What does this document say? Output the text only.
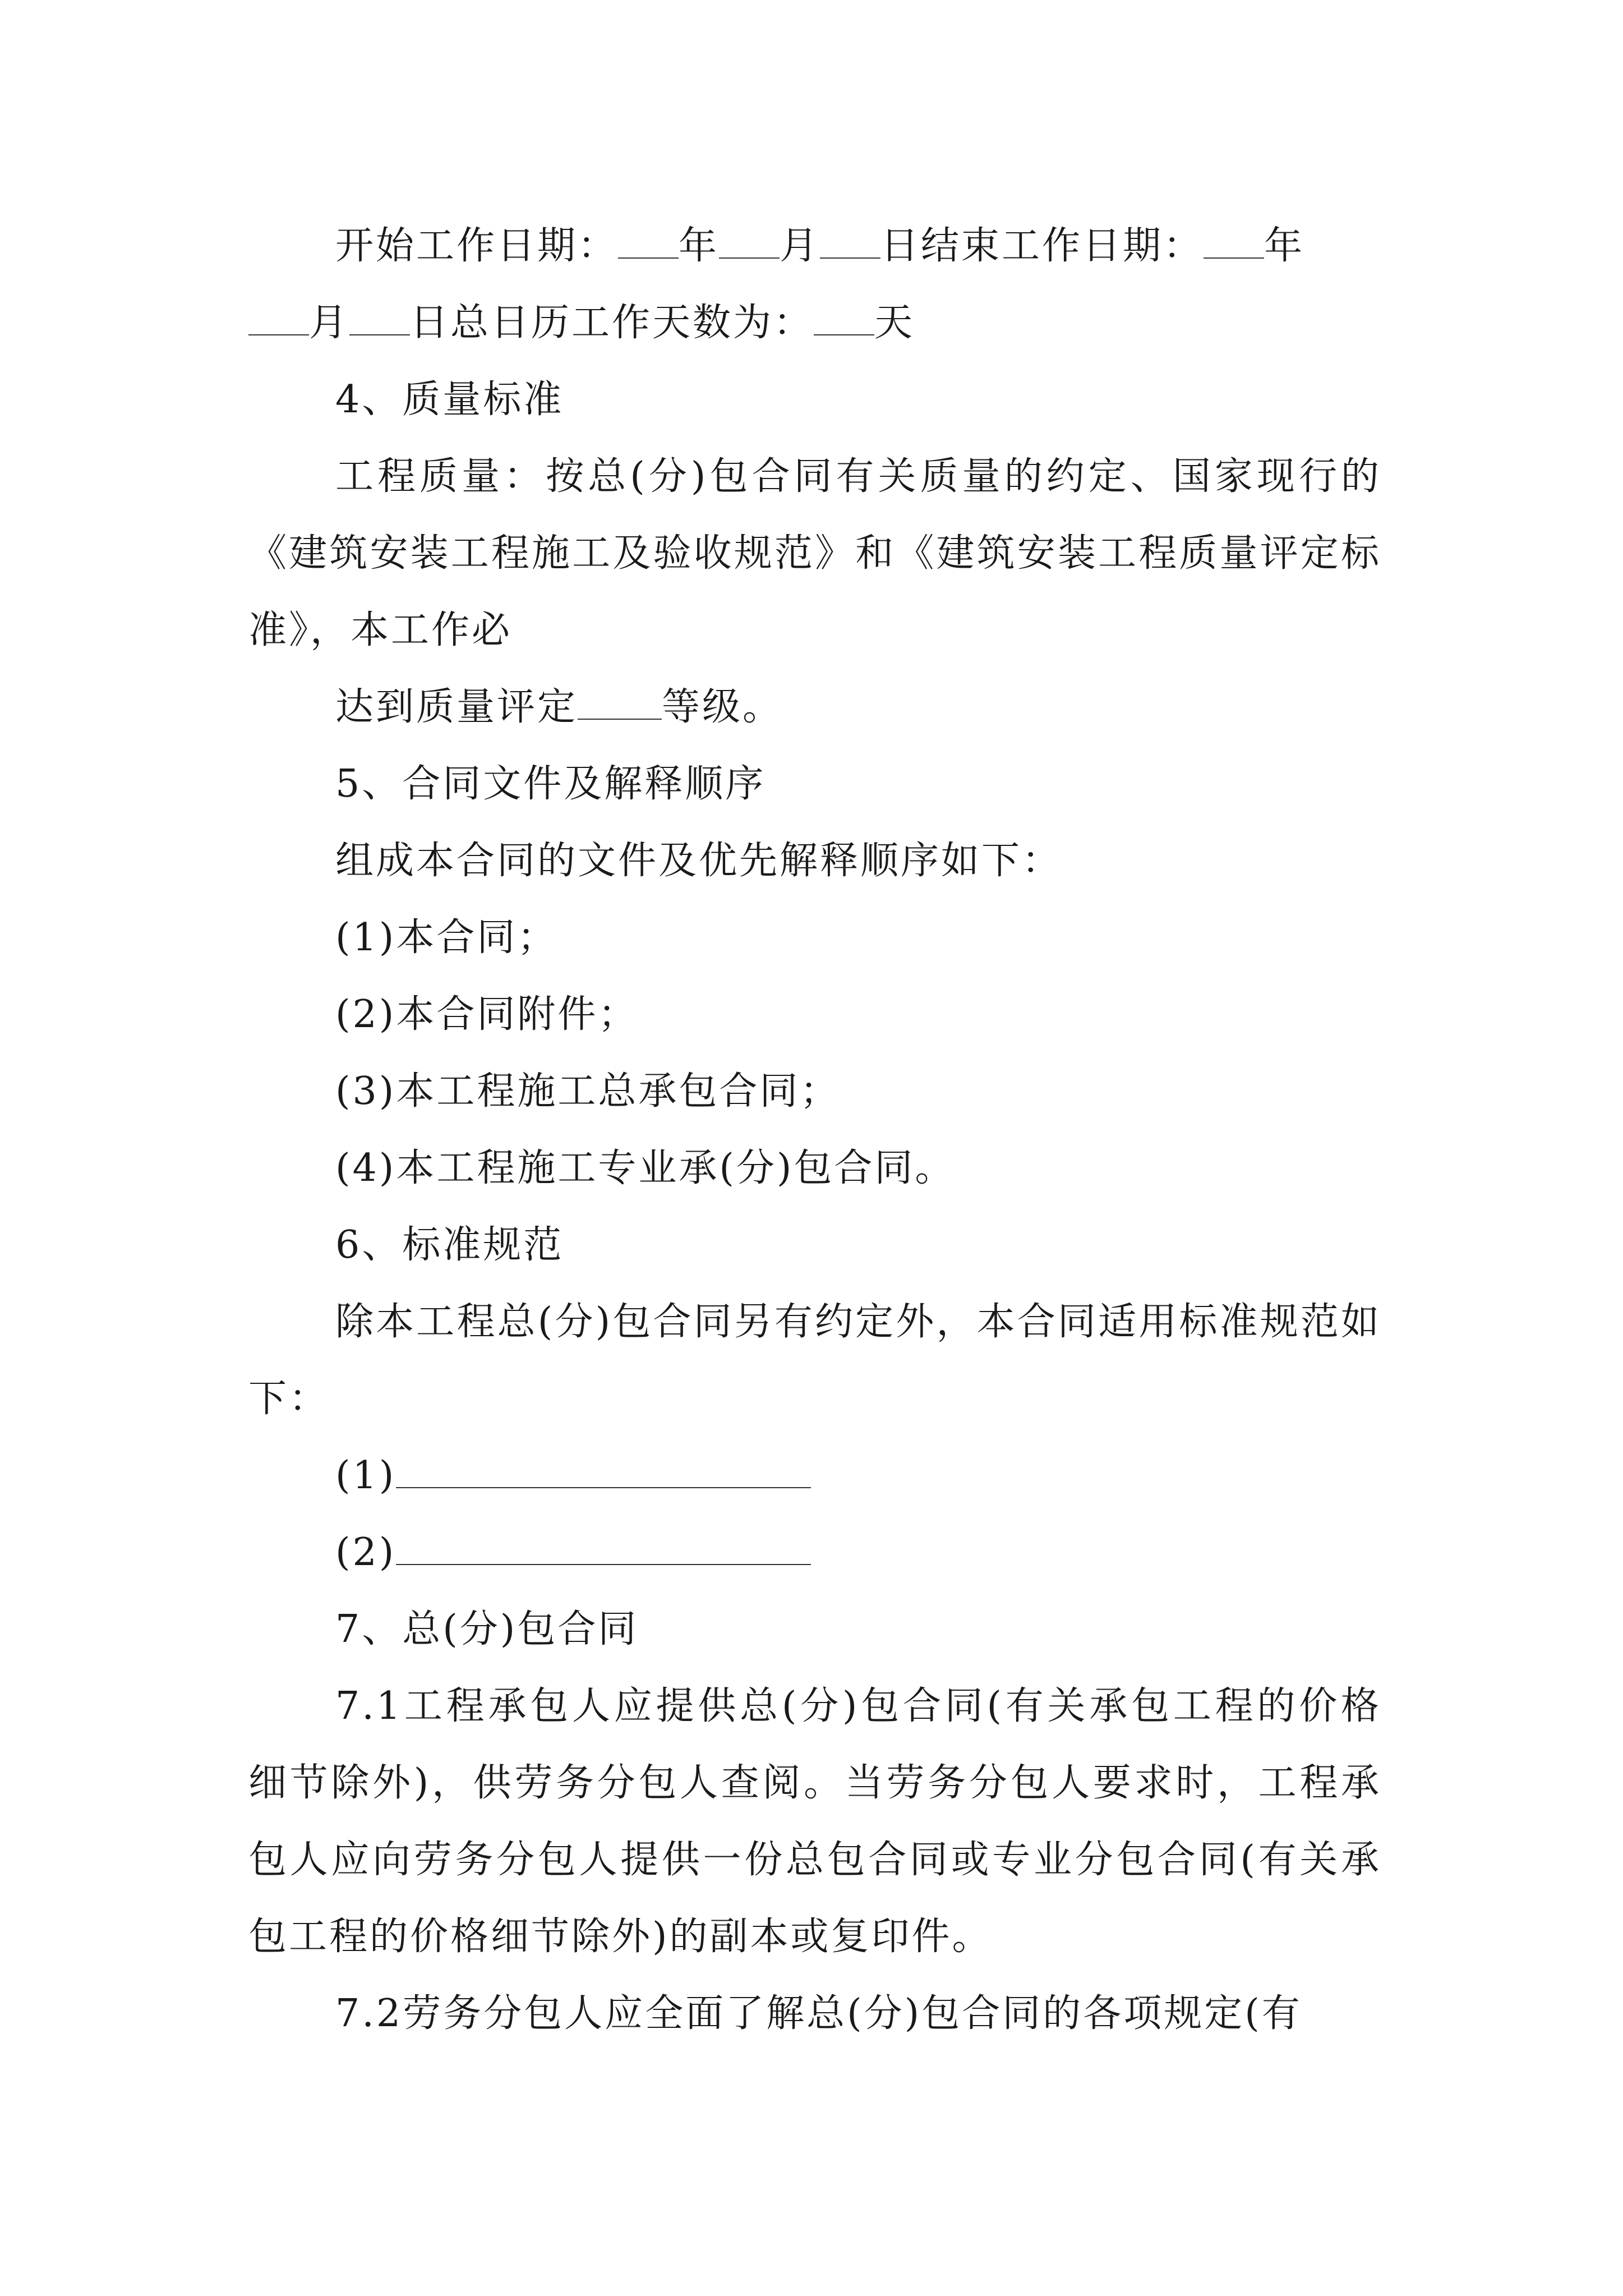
开始工作日期： 年 月 日结束工作日期： 年
月 日总日历工作天数为： 天
4、质量标准
工程质量：按总(分)包合同有关质量的约定、国家现行的《建筑安装工程施工及验收规范》和《建筑安装工程质量评定标准》，本工作必
达到质量评定 等级。
5、合同文件及解释顺序
组成本合同的文件及优先解释顺序如下：
(1)本合同；
(2)本合同附件；
(3)本工程施工总承包合同；
(4)本工程施工专业承(分)包合同。
6、标准规范
除本工程总(分)包合同另有约定外，本合同适用标准规范如下：
(1)
(2)
7、总(分)包合同
7.1工程承包人应提供总(分)包合同(有关承包工程的价格细节除外)，供劳务分包人查阅。当劳务分包人要求时，工程承包人应向劳务分包人提供一份总包合同或专业分包合同(有关承包工程的价格细节除外)的副本或复印件。
7.2劳务分包人应全面了解总(分)包合同的各项规定(有
